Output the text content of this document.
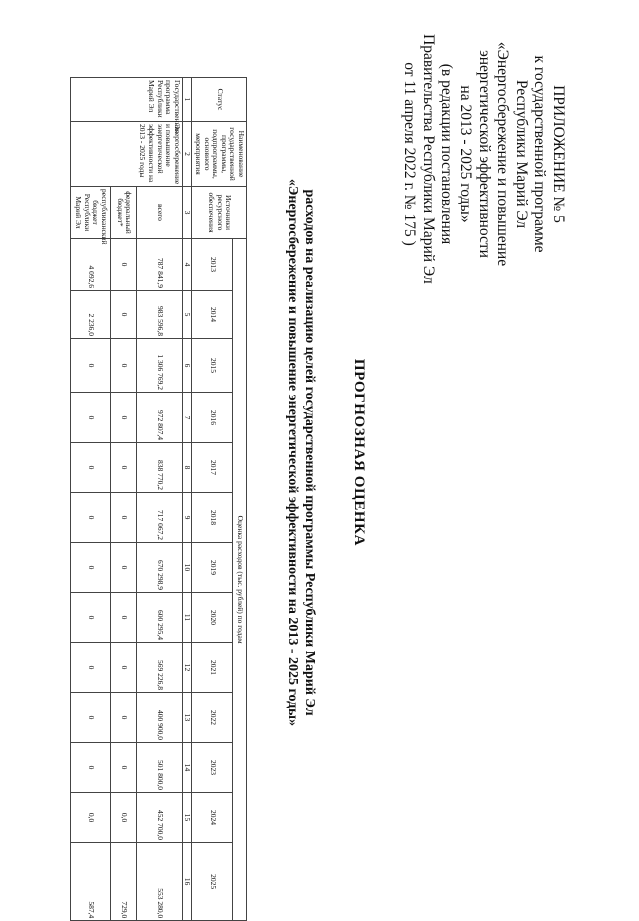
ПРИЛОЖЕНИЕ № 5
к государственной программе
Республики Марий Эл
«Энергосбережение и повышение
энергетической эффективности
на 2013 - 2025 годы»
(в редакции постановления
Правительства Республики Марий Эл
от 11 апреля 2022 г. № 175 )
ПРОГНОЗНАЯ ОЦЕНКА
расходов на реализацию целей государственной программы Республики Марий Эл
«Энергосбережение и повышение энергетической эффективности на 2013 - 2025 годы»
Статус	Наименование государственной программы, подпрограммы, основного мероприятия	Источники ресурсного обеспечения	Оценка расходов (тыс. рублей) по годам												
			2013	2014	2015	2016	2017	2018	2019	2020	2021	2022	2023	2024	2025
1	2	3	4	5	6	7	8	9	10	11	12	13	14	15	16
Государственная программа Республики Марий Эл	Энергосбережение и повышение энергетической эффективности на 2013 - 2025 годы	всего	787 841,9	983 596,8	1 306 769,2	972 807,4	838 770,2	717 067,2	670 298,9	600 295,4	569 226,8	400 900,0	501 800,0	452 700,0	553 280,0
		федеральный бюджет*	0	0	0	0	0	0	0	0	0	0	0	0,0	729,0
		республиканский бюджет Республики Марий Эл	4 092,6	2 236,0	0	0	0	0	0	0	0	0	0	0,0	587,4
